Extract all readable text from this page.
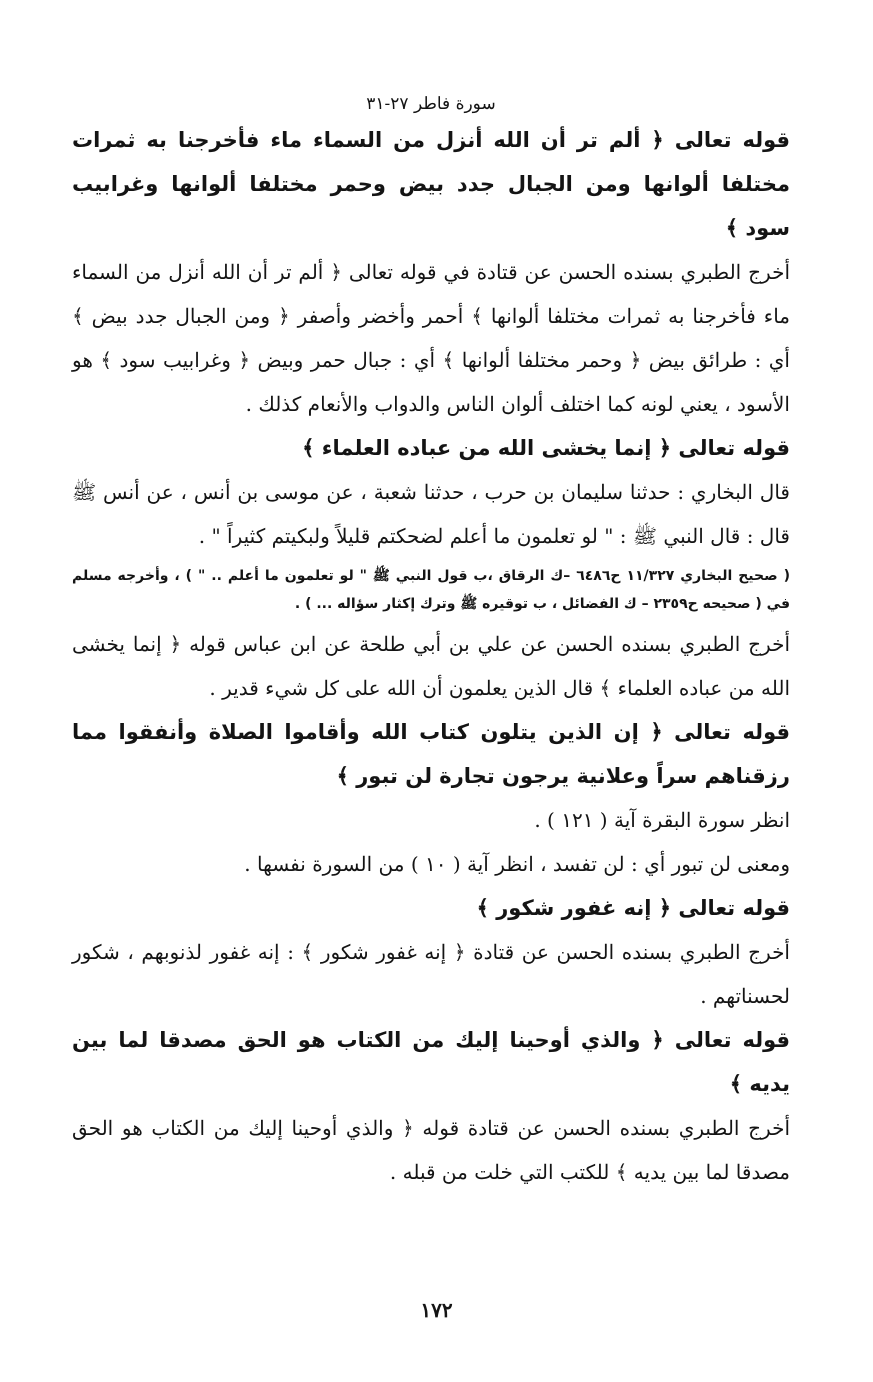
سورة فاطر ٢٧-٣١
قوله تعالى ﴿ ألم تر أن الله أنزل من السماء ماء فأخرجنا به ثمرات مختلفا ألوانها ومن الجبال جدد بيض وحمر مختلفا ألوانها وغرابيب سود ﴾
أخرج الطبري بسنده الحسن عن قتادة في قوله تعالى ﴿ ألم تر أن الله أنزل من السماء ماء فأخرجنا به ثمرات مختلفا ألوانها ﴾ أحمر وأخضر وأصفر ﴿ ومن الجبال جدد بيض ﴾ أي : طرائق بيض ﴿ وحمر مختلفا ألوانها ﴾ أي : جبال حمر وبيض ﴿ وغرابيب سود ﴾ هو الأسود ، يعني لونه كما اختلف ألوان الناس والدواب والأنعام كذلك .
قوله تعالى ﴿ إنما يخشى الله من عباده العلماء ﴾
قال البخاري : حدثنا سليمان بن حرب ، حدثنا شعبة ، عن موسى بن أنس ، عن أنس ﷺ قال : قال النبي ﷺ : " لو تعلمون ما أعلم لضحكتم قليلاً ولبكيتم كثيراً " .
( صحيح البخاري ١١/٣٢٧ ح٦٤٨٦ –ك الرقاق ،ب قول النبي ﷺ " لو تعلمون ما أعلم .. " ) ، وأخرجه مسلم في ( صحيحه ح٢٣٥٩ – ك الفضائل ، ب توقيره ﷺ وترك إكثار سؤاله ... ) .
أخرج الطبري بسنده الحسن عن علي بن أبي طلحة عن ابن عباس قوله ﴿ إنما يخشى الله من عباده العلماء ﴾ قال الذين يعلمون أن الله على كل شيء قدير .
قوله تعالى ﴿ إن الذين يتلون كتاب الله وأقاموا الصلاة وأنفقوا مما رزقناهم سراً وعلانية يرجون تجارة لن تبور ﴾
انظر سورة البقرة آية ( ١٢١ ) .
ومعنى لن تبور أي : لن تفسد ، انظر آية ( ١٠ ) من السورة نفسها .
قوله تعالى ﴿ إنه غفور شكور ﴾
أخرج الطبري بسنده الحسن عن قتادة ﴿ إنه غفور شكور ﴾ : إنه غفور لذنوبهم ، شكور لحسناتهم .
قوله تعالى ﴿ والذي أوحينا إليك من الكتاب هو الحق مصدقا لما بين يديه ﴾
أخرج الطبري بسنده الحسن عن قتادة قوله ﴿ والذي أوحينا إليك من الكتاب هو الحق مصدقا لما بين يديه ﴾ للكتب التي خلت من قبله .
١٧٢
